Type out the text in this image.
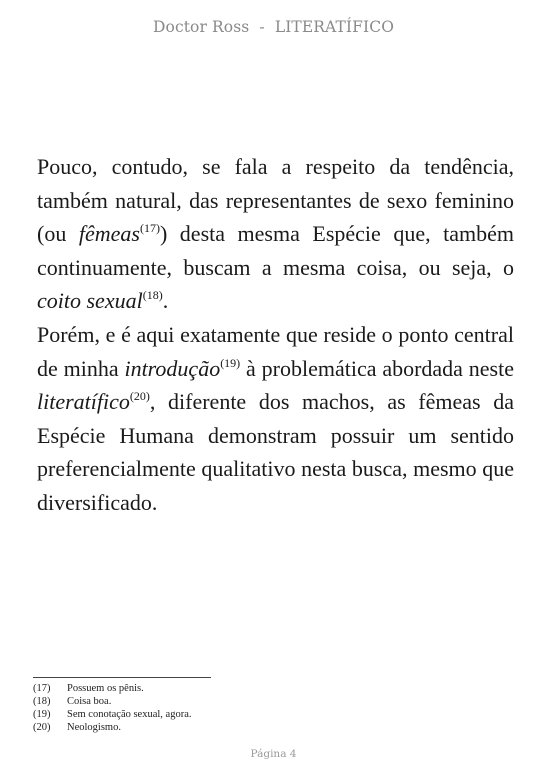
Doctor Ross - LITERATÍFICO

Pouco, contudo, se fala a respeito da tendência, também natural, das representantes de sexo feminino (ou fêmeas$^{(17)}$) desta mesma Espécie que, também continuamente, buscam a mesma coisa, ou seja, o coito sexual$^{(18)}$.

Porém, e é aqui exatamente que reside o ponto central de minha introdução$^{(19)}$ à problemática abordada neste literatífico$^{(20)}$, diferente dos machos, as fêmeas da Espécie Humana demonstram possuir um sentido preferencialmente qualitativo nesta busca, mesmo que diversificado.

(17)	Possuem os pênis.
(18)	Coisa boa.
(19)	Sem conotação sexual, agora.
(20)	Neologismo.
Página 4
